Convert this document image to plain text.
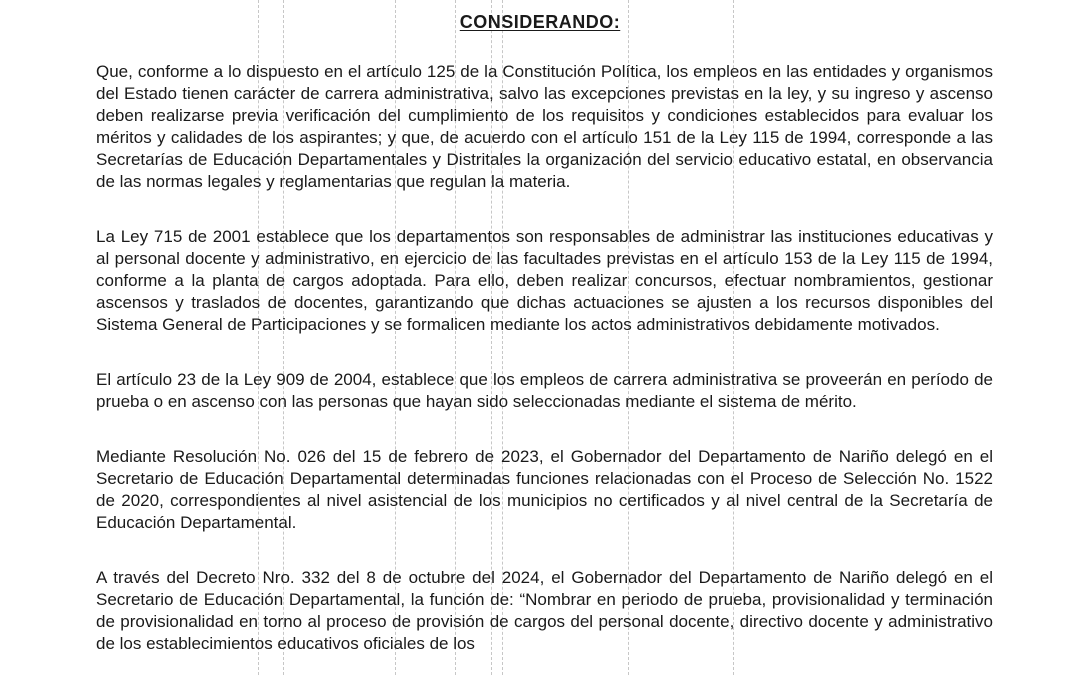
CONSIDERANDO:

Que, conforme a lo dispuesto en el artículo 125 de la Constitución Política, los empleos en las entidades y organismos del Estado tienen carácter de carrera administrativa, salvo las excepciones previstas en la ley, y su ingreso y ascenso deben realizarse previa verificación del cumplimiento de los requisitos y condiciones establecidos para evaluar los méritos y calidades de los aspirantes; y que, de acuerdo con el artículo 151 de la Ley 115 de 1994, corresponde a las Secretarías de Educación Departamentales y Distritales la organización del servicio educativo estatal, en observancia de las normas legales y reglamentarias que regulan la materia.

La Ley 715 de 2001 establece que los departamentos son responsables de administrar las instituciones educativas y al personal docente y administrativo, en ejercicio de las facultades previstas en el artículo 153 de la Ley 115 de 1994, conforme a la planta de cargos adoptada. Para ello, deben realizar concursos, efectuar nombramientos, gestionar ascensos y traslados de docentes, garantizando que dichas actuaciones se ajusten a los recursos disponibles del Sistema General de Participaciones y se formalicen mediante los actos administrativos debidamente motivados.

El artículo 23 de la Ley 909 de 2004, establece que los empleos de carrera administrativa se proveerán en período de prueba o en ascenso con las personas que hayan sido seleccionadas mediante el sistema de mérito.

Mediante Resolución No. 026 del 15 de febrero de 2023, el Gobernador del Departamento de Nariño delegó en el Secretario de Educación Departamental determinadas funciones relacionadas con el Proceso de Selección No. 1522 de 2020, correspondientes al nivel asistencial de los municipios no certificados y al nivel central de la Secretaría de Educación Departamental.

A través del Decreto Nro. 332 del 8 de octubre del 2024, el Gobernador del Departamento de Nariño delegó en el Secretario de Educación Departamental, la función de: “Nombrar en periodo de prueba, provisionalidad y terminación de provisionalidad en torno al proceso de provisión de cargos del personal docente, directivo docente y administrativo de los establecimientos educativos oficiales de los
